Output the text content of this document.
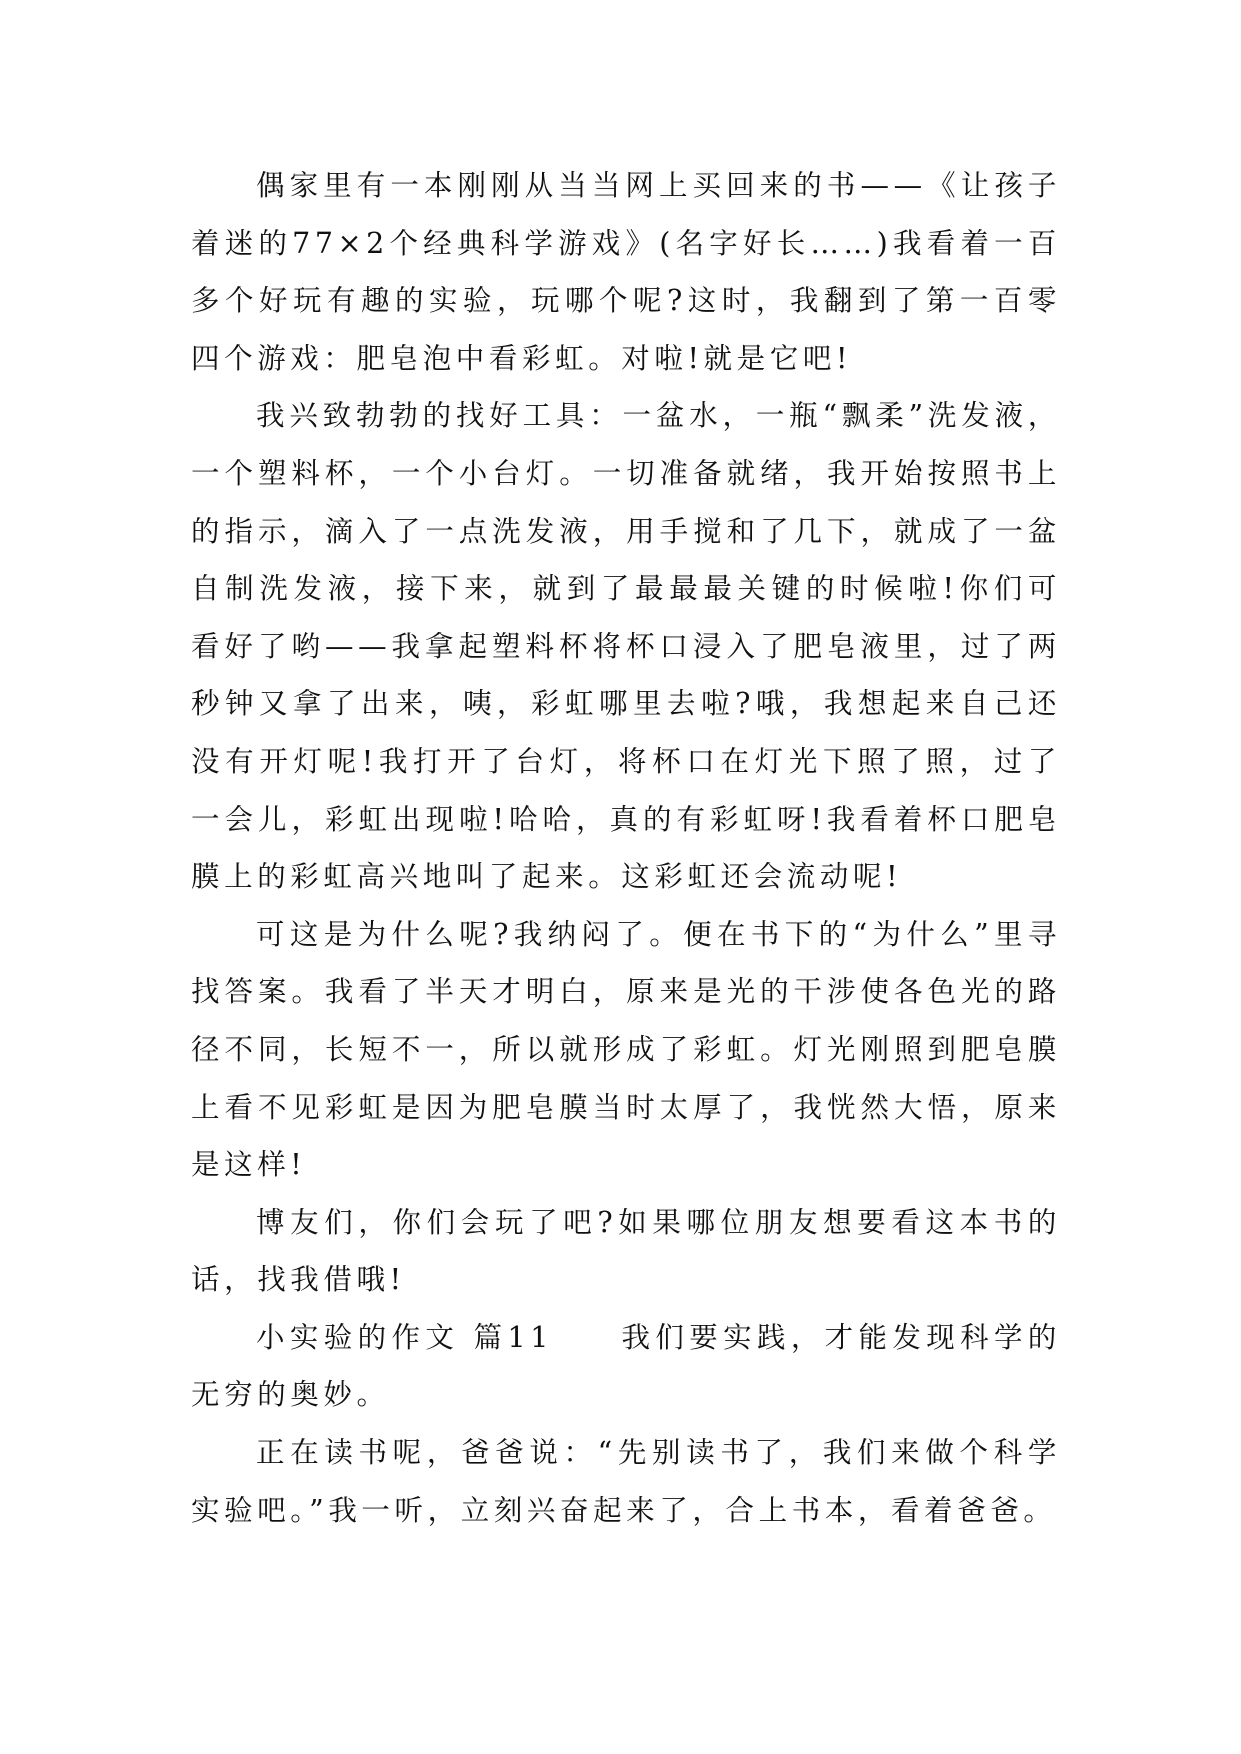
偶家里有一本刚刚从当当网上买回来的书——《让孩子着迷的77×2个经典科学游戏》(名字好长……)我看着一百多个好玩有趣的实验，玩哪个呢?这时，我翻到了第一百零四个游戏：肥皂泡中看彩虹。对啦!就是它吧!

我兴致勃勃的找好工具：一盆水，一瓶“飘柔”洗发液，一个塑料杯，一个小台灯。一切准备就绪，我开始按照书上的指示，滴入了一点洗发液，用手搅和了几下，就成了一盆自制洗发液，接下来，就到了最最最关键的时候啦!你们可看好了哟——我拿起塑料杯将杯口浸入了肥皂液里，过了两秒钟又拿了出来，咦，彩虹哪里去啦?哦，我想起来自己还没有开灯呢!我打开了台灯，将杯口在灯光下照了照，过了一会儿，彩虹出现啦!哈哈，真的有彩虹呀!我看着杯口肥皂膜上的彩虹高兴地叫了起来。这彩虹还会流动呢!

可这是为什么呢?我纳闷了。便在书下的“为什么”里寻找答案。我看了半天才明白，原来是光的干涉使各色光的路径不同，长短不一，所以就形成了彩虹。灯光刚照到肥皂膜上看不见彩虹是因为肥皂膜当时太厚了，我恍然大悟，原来是这样!

博友们，你们会玩了吧?如果哪位朋友想要看这本书的话，找我借哦!

小实验的作文 篇11　　我们要实践，才能发现科学的无穷的奥妙。

正在读书呢，爸爸说：“先别读书了，我们来做个科学实验吧。”我一听，立刻兴奋起来了，合上书本，看着爸爸。
